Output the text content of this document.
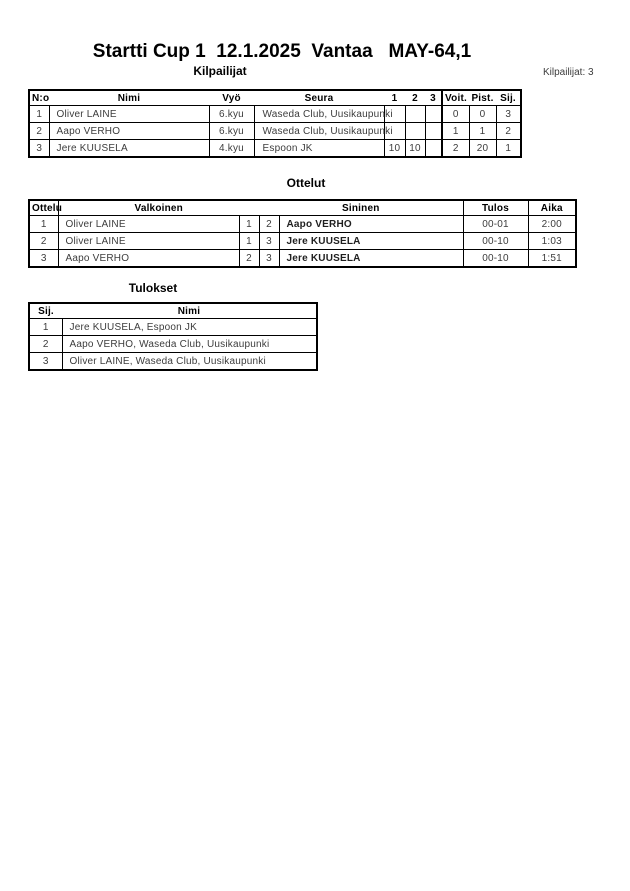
Startti Cup 1  12.1.2025  Vantaa   MAY-64,1
Kilpailijat	Kilpailijat: 3
N:o	Nimi	Vyö	Seura	1	2	3	Voit.	Pist.	Sij.
1	Oliver LAINE	6.kyu	Waseda Club, Uusikaupunki				0	0	3
2	Aapo VERHO	6.kyu	Waseda Club, Uusikaupunki				1	1	2
3	Jere KUUSELA	4.kyu	Espoon JK	10	10		2	20	1
Ottelut
Ottelu	Valkoinen		Sininen		Tulos	Aika
1	Oliver LAINE	1	2	Aapo VERHO	00-01	2:00
2	Oliver LAINE	1	3	Jere KUUSELA	00-10	1:03
3	Aapo VERHO	2	3	Jere KUUSELA	00-10	1:51
Tulokset
Sij.	Nimi
1	Jere KUUSELA, Espoon JK
2	Aapo VERHO, Waseda Club, Uusikaupunki
3	Oliver LAINE, Waseda Club, Uusikaupunki
